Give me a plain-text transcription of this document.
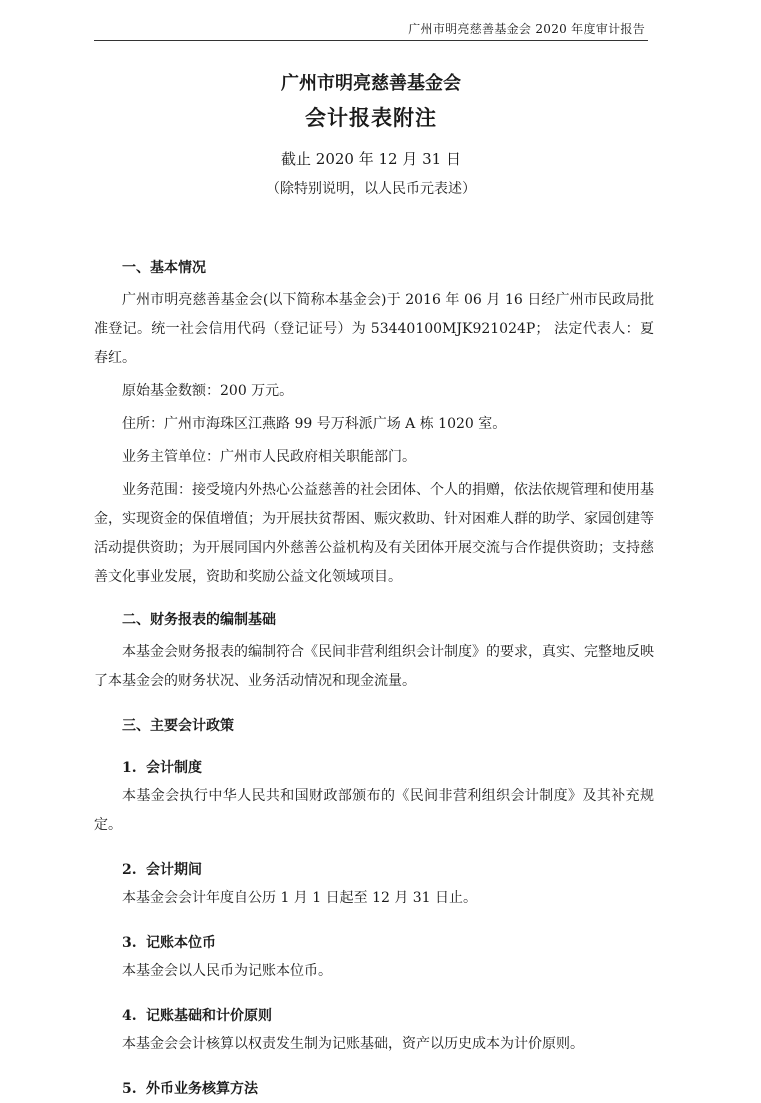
广州市明亮慈善基金会 2020 年度审计报告
广州市明亮慈善基金会
会计报表附注
截止 2020 年 12 月 31 日
（除特别说明，以人民币元表述）
一、基本情况
广州市明亮慈善基金会(以下简称本基金会)于 2016 年 06 月 16 日经广州市民政局批准登记。统一社会信用代码（登记证号）为 53440100MJK921024P； 法定代表人：夏春红。
原始基金数额：200 万元。
住所：广州市海珠区江燕路 99 号万科派广场 A 栋 1020 室。
业务主管单位：广州市人民政府相关职能部门。
业务范围：接受境内外热心公益慈善的社会团体、个人的捐赠，依法依规管理和使用基金，实现资金的保值增值；为开展扶贫帮困、赈灾救助、针对困难人群的助学、家园创建等活动提供资助；为开展同国内外慈善公益机构及有关团体开展交流与合作提供资助；支持慈善文化事业发展，资助和奖励公益文化领域项目。
二、财务报表的编制基础
本基金会财务报表的编制符合《民间非营利组织会计制度》的要求，真实、完整地反映了本基金会的财务状况、业务活动情况和现金流量。
三、主要会计政策
1. 会计制度
本基金会执行中华人民共和国财政部颁布的《民间非营利组织会计制度》及其补充规定。
2. 会计期间
本基金会会计年度自公历 1 月 1 日起至 12 月 31 日止。
3. 记账本位币
本基金会以人民币为记账本位币。
4. 记账基础和计价原则
本基金会会计核算以权责发生制为记账基础，资产以历史成本为计价原则。
5. 外币业务核算方法
